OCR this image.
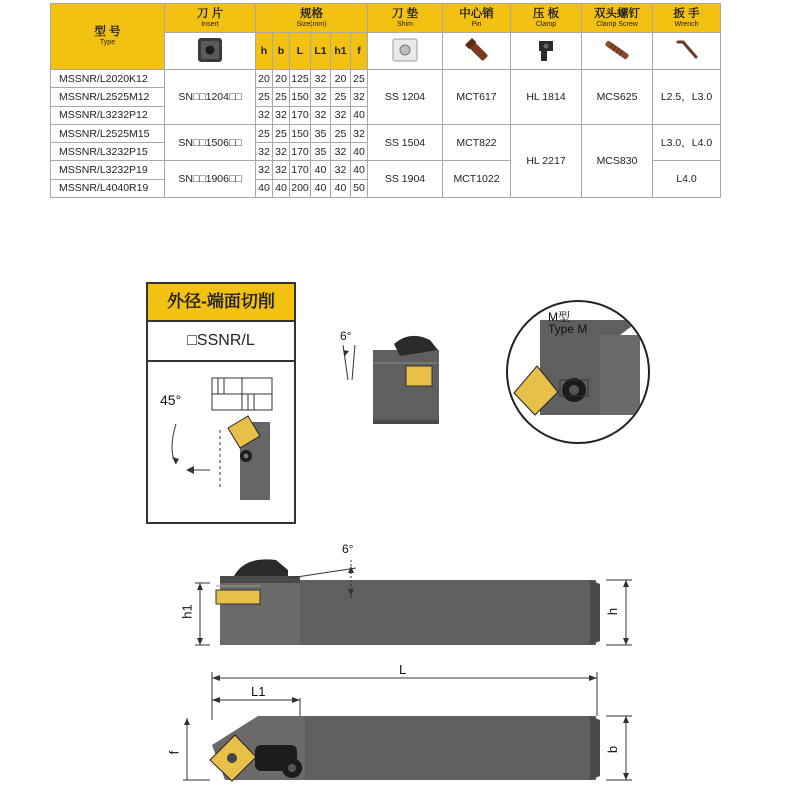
型 号
Type	刀 片
Insert	规格
Size(mm)						刀 垫
Shim	中心销
Pin	压 板
Clamp	双头螺钉
Clamp Screw	扳 手
Wrench

	h	b	L	L1	h1	f					
MSSNR/L2020K12	SN□□1204□□	20	20	125	32	20	25	SS 1204	MCT617	HL 1814	MCS625	L2.5，L3.0
MSSNR/L2525M12		25	25	150	32	25	32					
MSSNR/L3232P12		32	32	170	32	32	40					
MSSNR/L2525M15	SN□□1506□□	25	25	150	35	25	32	SS 1504	MCT822	HL 2217	MCS830	L3.0，L4.0
MSSNR/L3232P15		32	32	170	35	32	40					
MSSNR/L3232P19	SN□□1906□□	32	32	170	40	32	40	SS 1904	MCT1022			L4.0
MSSNR/L4040R19		40	40	200	40	40	50					
外径-端面切削
□SSNR/L
45°
6°
M型
Type M
6°
h1	h
L
L1
f	b
